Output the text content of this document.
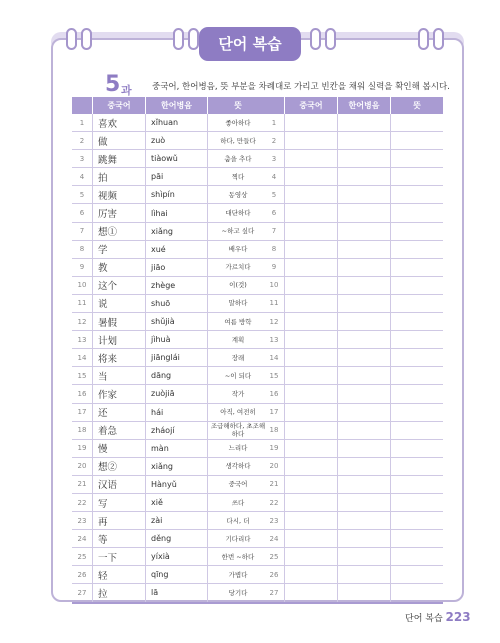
단어 복습
5 과 중국어, 한어병음, 뜻 부분을 차례대로 가리고 빈칸을 채워 실력을 확인해 봅시다.
	중국어	한어병음	뜻
1	喜欢	xǐhuan	좋아하다
2	做	zuò	하다, 만들다
3	跳舞	tiàowǔ	춤을 추다
4	拍	pāi	찍다
5	视频	shìpín	동영상
6	厉害	lìhai	대단하다
7	想①	xiǎng	~하고 싶다
8	学	xué	배우다
9	教	jiāo	가르치다
10	这个	zhège	이(것)
11	说	shuō	말하다
12	暑假	shǔjià	여름 방학
13	计划	jìhuà	계획
14	将来	jiānglái	장래
15	当	dāng	~이 되다
16	作家	zuòjiā	작가
17	还	hái	아직, 여전히
18	着急	zháojí	조급해하다, 초조해하다
19	慢	màn	느리다
20	想②	xiǎng	생각하다
21	汉语	Hànyǔ	중국어
22	写	xiě	쓰다
23	再	zài	다시, 더
24	等	děng	기다리다
25	一下	yíxià	한번 ~하다
26	轻	qīng	가볍다
27	拉	lā	당기다
	중국어	한어병음	뜻
1			
2			
3			
4			
5			
6			
7			
8			
9			
10			
11			
12			
13			
14			
15			
16			
17			
18			
19			
20			
21			
22			
23			
24			
25			
26			
27			
단어 복습 223
